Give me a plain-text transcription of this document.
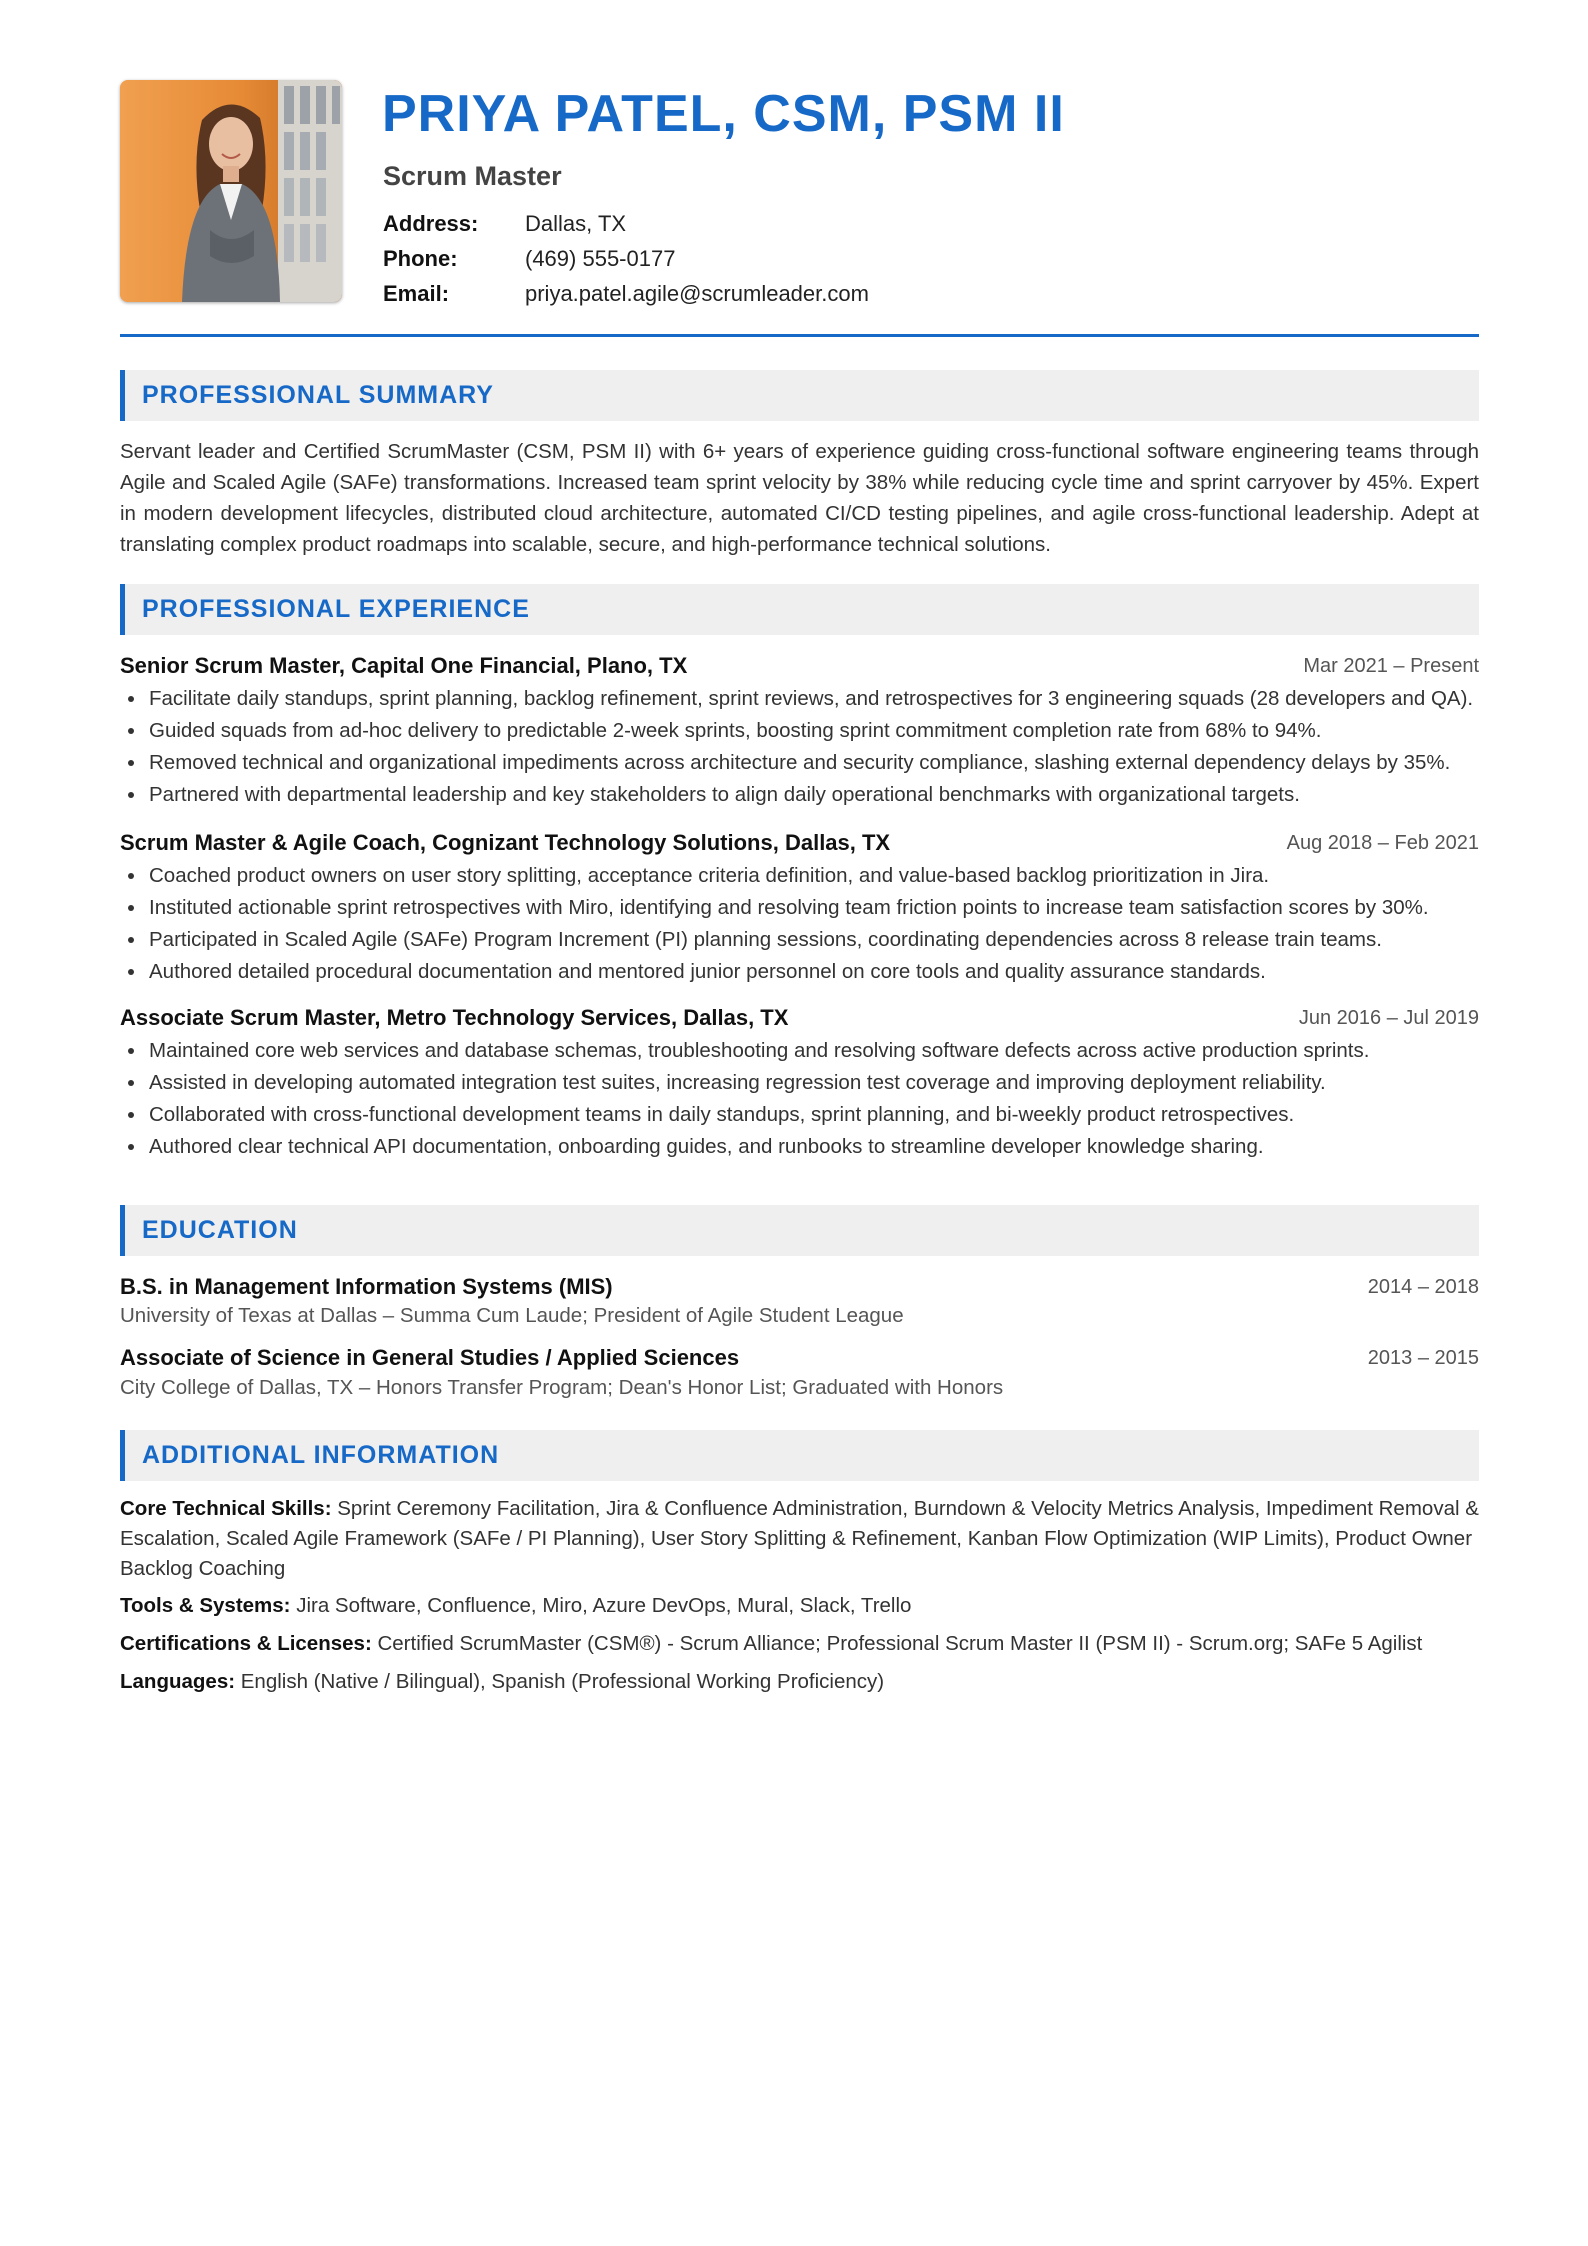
PRIYA PATEL, CSM, PSM II
Scrum Master
Address: Dallas, TX
Phone:	(469) 555-0177
Email:	priya.patel.agile@scrumleader.com
PROFESSIONAL SUMMARY
Servant leader and Certified ScrumMaster (CSM, PSM II) with 6+ years of experience guiding cross-functional software engineering teams through Agile and Scaled Agile (SAFe) transformations. Increased team sprint velocity by 38% while reducing cycle time and sprint carryover by 45%. Expert in modern development lifecycles, distributed cloud architecture, automated CI/CD testing pipelines, and agile cross-functional leadership. Adept at translating complex product roadmaps into scalable, secure, and high-performance technical solutions.
PROFESSIONAL EXPERIENCE
Senior Scrum Master, Capital One Financial, Plano, TX	Mar 2021 – Present
Facilitate daily standups, sprint planning, backlog refinement, sprint reviews, and retrospectives for 3 engineering squads (28 developers and QA).
Guided squads from ad-hoc delivery to predictable 2-week sprints, boosting sprint commitment completion rate from 68% to 94%.
Removed technical and organizational impediments across architecture and security compliance, slashing external dependency delays by 35%.
Partnered with departmental leadership and key stakeholders to align daily operational benchmarks with organizational targets.
Scrum Master & Agile Coach, Cognizant Technology Solutions, Dallas, TX	Aug 2018 – Feb 2021
Coached product owners on user story splitting, acceptance criteria definition, and value-based backlog prioritization in Jira.
Instituted actionable sprint retrospectives with Miro, identifying and resolving team friction points to increase team satisfaction scores by 30%.
Participated in Scaled Agile (SAFe) Program Increment (PI) planning sessions, coordinating dependencies across 8 release train teams.
Authored detailed procedural documentation and mentored junior personnel on core tools and quality assurance standards.
Associate Scrum Master, Metro Technology Services, Dallas, TX	Jun 2016 – Jul 2019
Maintained core web services and database schemas, troubleshooting and resolving software defects across active production sprints.
Assisted in developing automated integration test suites, increasing regression test coverage and improving deployment reliability.
Collaborated with cross-functional development teams in daily standups, sprint planning, and bi-weekly product retrospectives.
Authored clear technical API documentation, onboarding guides, and runbooks to streamline developer knowledge sharing.
EDUCATION
B.S. in Management Information Systems (MIS)	2014 – 2018
University of Texas at Dallas – Summa Cum Laude; President of Agile Student League
Associate of Science in General Studies / Applied Sciences	2013 – 2015
City College of Dallas, TX – Honors Transfer Program; Dean's Honor List; Graduated with Honors
ADDITIONAL INFORMATION
Core Technical Skills: Sprint Ceremony Facilitation, Jira & Confluence Administration, Burndown & Velocity Metrics Analysis, Impediment Removal & Escalation, Scaled Agile Framework (SAFe / PI Planning), User Story Splitting & Refinement, Kanban Flow Optimization (WIP Limits), Product Owner Backlog Coaching
Tools & Systems: Jira Software, Confluence, Miro, Azure DevOps, Mural, Slack, Trello
Certifications & Licenses: Certified ScrumMaster (CSM®) - Scrum Alliance; Professional Scrum Master II (PSM II) - Scrum.org; SAFe 5 Agilist
Languages: English (Native / Bilingual), Spanish (Professional Working Proficiency)
